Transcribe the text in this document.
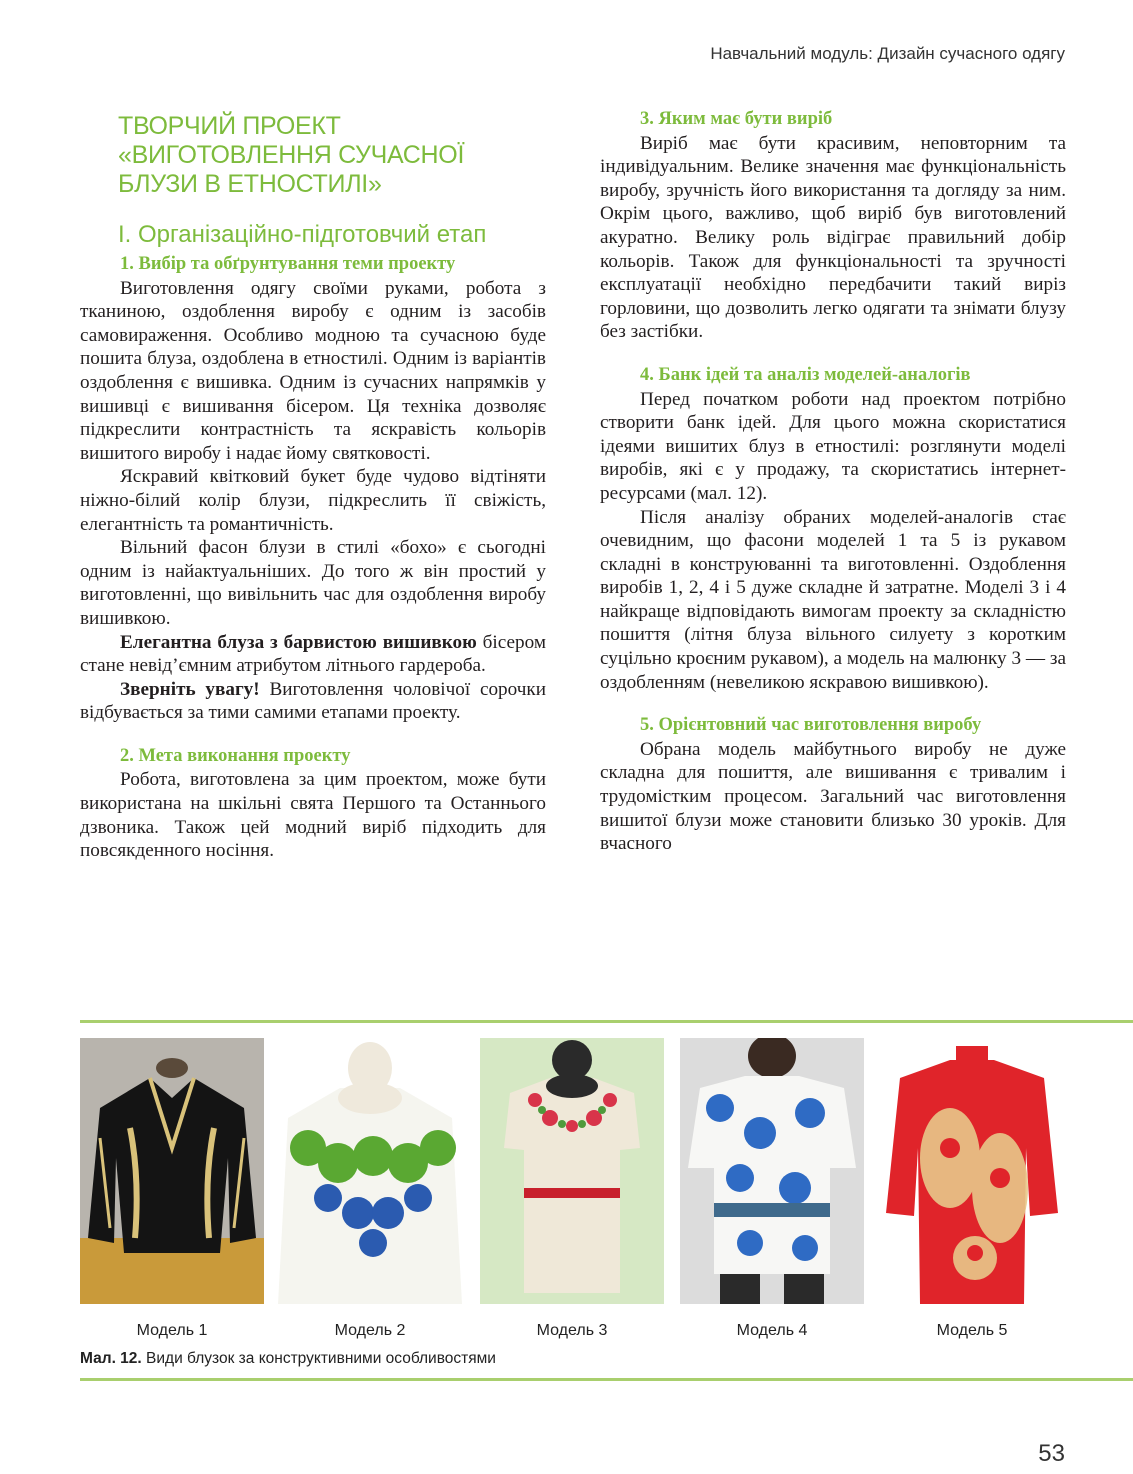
Навчальний модуль: Дизайн сучасного одягу
ТВОРЧИЙ ПРОЕКТ
«ВИГОТОВЛЕННЯ СУЧАСНОЇ
БЛУЗИ В ЕТНОСТИЛІ»
І. Організаційно-підготовчий етап
1. Вибір та обґрунтування теми проекту

Виготовлення одягу своїми руками, робота з тканиною, оздоблення виробу є одним із засобів самовираження. Особливо модною та сучасною буде пошита блуза, оздоблена в етностилі. Одним із варіантів оздоблення є вишивка. Одним із сучасних напрямків у вишивці є вишивання бісером. Ця техніка дозволяє підкреслити контрастність та яскравість кольорів вишитого виробу і надає йому святковості.

Яскравий квітковий букет буде чудово відтіняти ніжно-білий колір блузи, підкреслить її свіжість, елегантність та романтичність.

Вільний фасон блузи в стилі «бохо» є сьогодні одним із найактуальніших. До того ж він простий у виготовленні, що вивільнить час для оздоблення виробу вишивкою.

Елегантна блуза з барвистою вишивкою бісером стане невід’ємним атрибутом літнього гардероба.

Зверніть увагу! Виготовлення чоловічої сорочки відбувається за тими самими етапами проекту.

2. Мета виконання проекту

Робота, виготовлена за цим проектом, може бути використана на шкільні свята Першого та Останнього дзвоника. Також цей модний виріб підходить для повсякденного носіння.

3. Яким має бути виріб

Виріб має бути красивим, неповторним та індивідуальним. Велике значення має функціональність виробу, зручність його використання та догляду за ним. Окрім цього, важливо, щоб виріб був виготовлений акуратно. Велику роль відіграє правильний добір кольорів. Також для функціональності та зручності експлуатації необхідно передбачити такий виріз горловини, що дозволить легко одягати та знімати блузу без застібки.

4. Банк ідей та аналіз моделей-аналогів

Перед початком роботи над проектом потрібно створити банк ідей. Для цього можна скористатися ідеями вишитих блуз в етностилі: розглянути моделі виробів, які є у продажу, та скористатись інтернет-ресурсами (мал. 12).

Після аналізу обраних моделей-аналогів стає очевидним, що фасони моделей 1 та 5 із рукавом складні в конструюванні та виготовленні. Оздоблення виробів 1, 2, 4 і 5 дуже складне й затратне. Моделі 3 і 4 найкраще відповідають вимогам проекту за складністю пошиття (літня блуза вільного силуету з коротким суцільно кроєним рукавом), а модель на малюнку 3 — за оздобленням (невеликою яскравою вишивкою).

5. Орієнтовний час виготовлення виробу

Обрана модель майбутнього виробу не дуже складна для пошиття, але вишивання є тривалим і трудомістким процесом. Загальний час виготовлення вишитої блузи може становити близько 30 уроків. Для вчасного

Модель 1	Модель 2	Модель 3	Модель 4	Модель 5
Мал. 12. Види блузок за конструктивними особливостями
53
